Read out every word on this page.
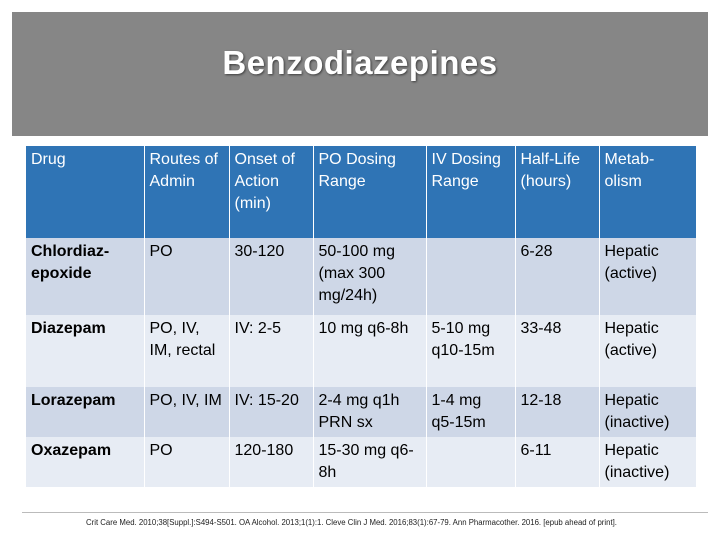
Benzodiazepines
Drug	Routes of Admin	Onset of Action (min)	PO Dosing Range	IV Dosing Range	Half-Life (hours)	Metab-olism
Chlordiaz-epoxide	PO	30-120	50-100 mg (max 300 mg/24h)		6-28	Hepatic (active)
Diazepam	PO, IV, IM, rectal	IV: 2-5	10 mg q6-8h	5-10 mg q10-15m	33-48	Hepatic (active)
Lorazepam	PO, IV, IM	IV: 15-20	2-4 mg q1h PRN sx	1-4 mg q5-15m	12-18	Hepatic (inactive)
Oxazepam	PO	120-180	15-30 mg q6-8h		6-11	Hepatic (inactive)
Crit Care Med. 2010;38[Suppl.]:S494-S501. OA Alcohol. 2013;1(1):1. Cleve Clin J Med. 2016;83(1):67-79. Ann Pharmacother. 2016. [epub ahead of print].
